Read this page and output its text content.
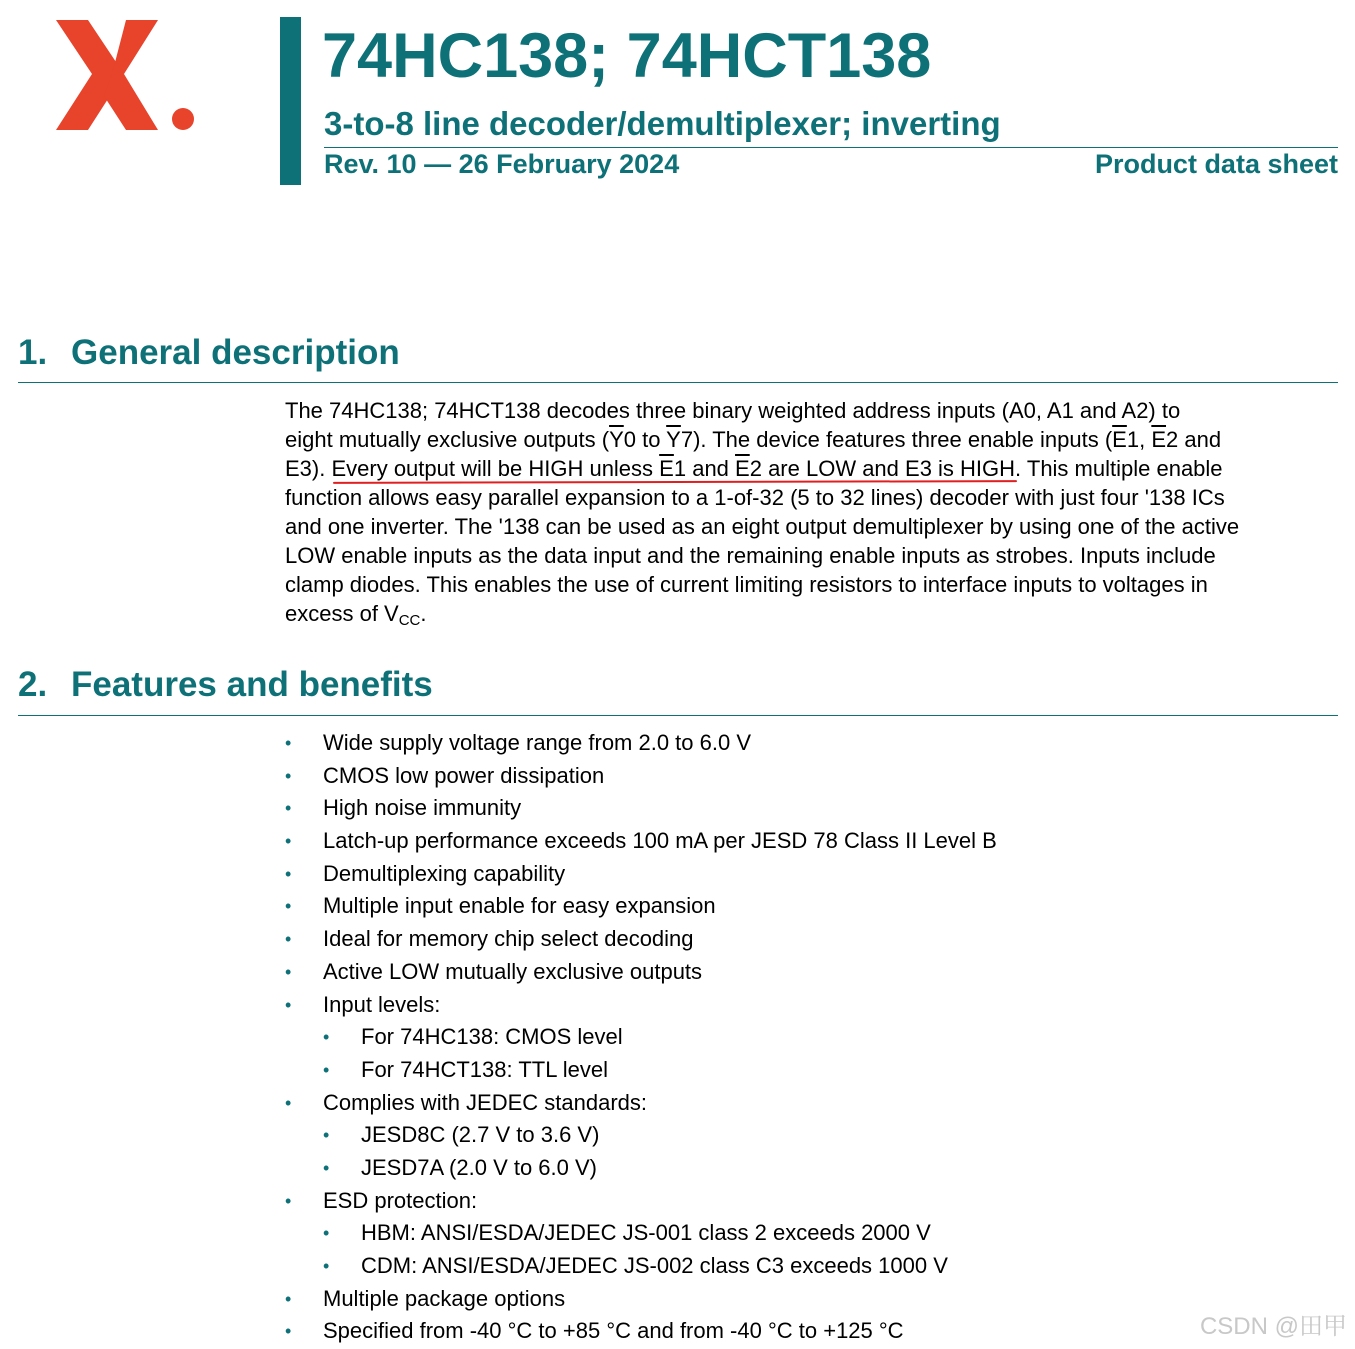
74HC138; 74HCT138
3-to-8 line decoder/demultiplexer; inverting
Rev. 10 — 26 February 2024	Product data sheet
1. General description
The 74HC138; 74HCT138 decodes three binary weighted address inputs (A0, A1 and A2) to
eight mutually exclusive outputs ($\overline{Y}0$ to $\overline{Y}7$). The device features three enable inputs ($\overline{E}1$, $\overline{E}2$ and
E3). Every output will be HIGH unless $\overline{E}1$ and $\overline{E}2$ are LOW and E3 is HIGH. This multiple enable
function allows easy parallel expansion to a 1-of-32 (5 to 32 lines) decoder with just four '138 ICs
and one inverter. The '138 can be used as an eight output demultiplexer by using one of the active
LOW enable inputs as the data input and the remaining enable inputs as strobes. Inputs include
clamp diodes. This enables the use of current limiting resistors to interface inputs to voltages in
excess of $V_{CC}$.
2. Features and benefits
• Wide supply voltage range from 2.0 to 6.0 V
• CMOS low power dissipation
• High noise immunity
• Latch-up performance exceeds 100 mA per JESD 78 Class II Level B
• Demultiplexing capability
• Multiple input enable for easy expansion
• Ideal for memory chip select decoding
• Active LOW mutually exclusive outputs
• Input levels:
• For 74HC138: CMOS level
• For 74HCT138: TTL level
• Complies with JEDEC standards:
• JESD8C (2.7 V to 3.6 V)
• JESD7A (2.0 V to 6.0 V)
• ESD protection:
• HBM: ANSI/ESDA/JEDEC JS-001 class 2 exceeds 2000 V
• CDM: ANSI/ESDA/JEDEC JS-002 class C3 exceeds 1000 V
• Multiple package options
• Specified from -40 °C to +85 °C and from -40 °C to +125 °C	CSDN @田甲
